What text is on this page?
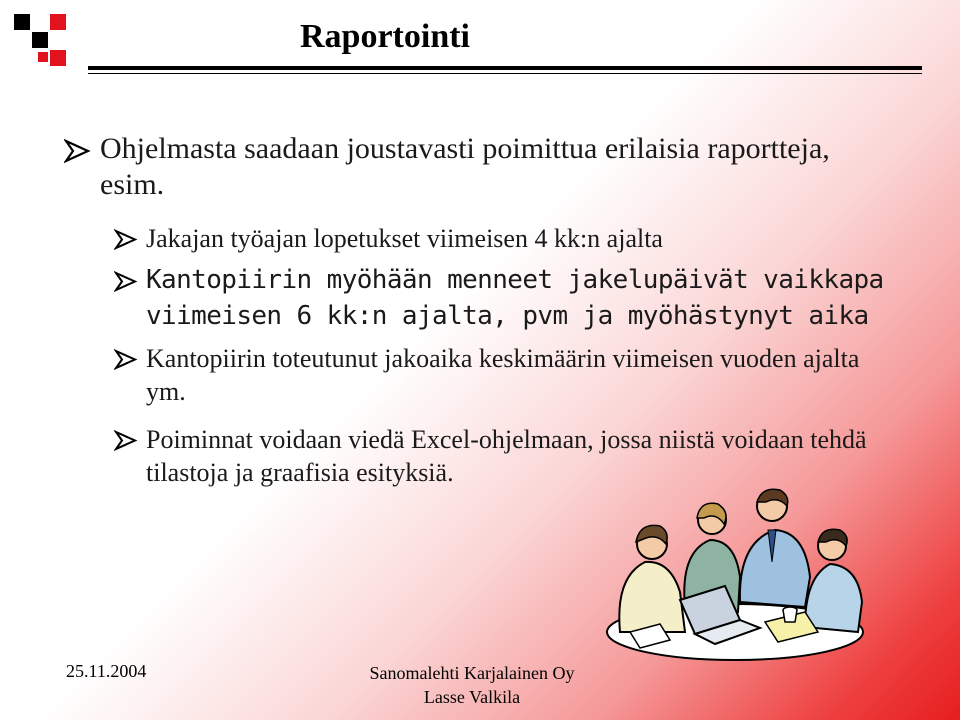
Raportointi
Ohjelmasta saadaan joustavasti poimittua erilaisia raportteja, esim.
Jakajan työajan lopetukset viimeisen 4 kk:n ajalta
Kantopiirin myöhään menneet jakelupäivät vaikkapa
viimeisen 6 kk:n ajalta, pvm ja myöhästynyt aika
Kantopiirin toteutunut jakoaika keskimäärin viimeisen vuoden ajalta ym.
Poiminnat voidaan viedä Excel-ohjelmaan, jossa niistä voidaan tehdä tilastoja ja graafisia esityksiä.
25.11.2004	Sanomalehti Karjalainen Oy
Lasse Valkila
